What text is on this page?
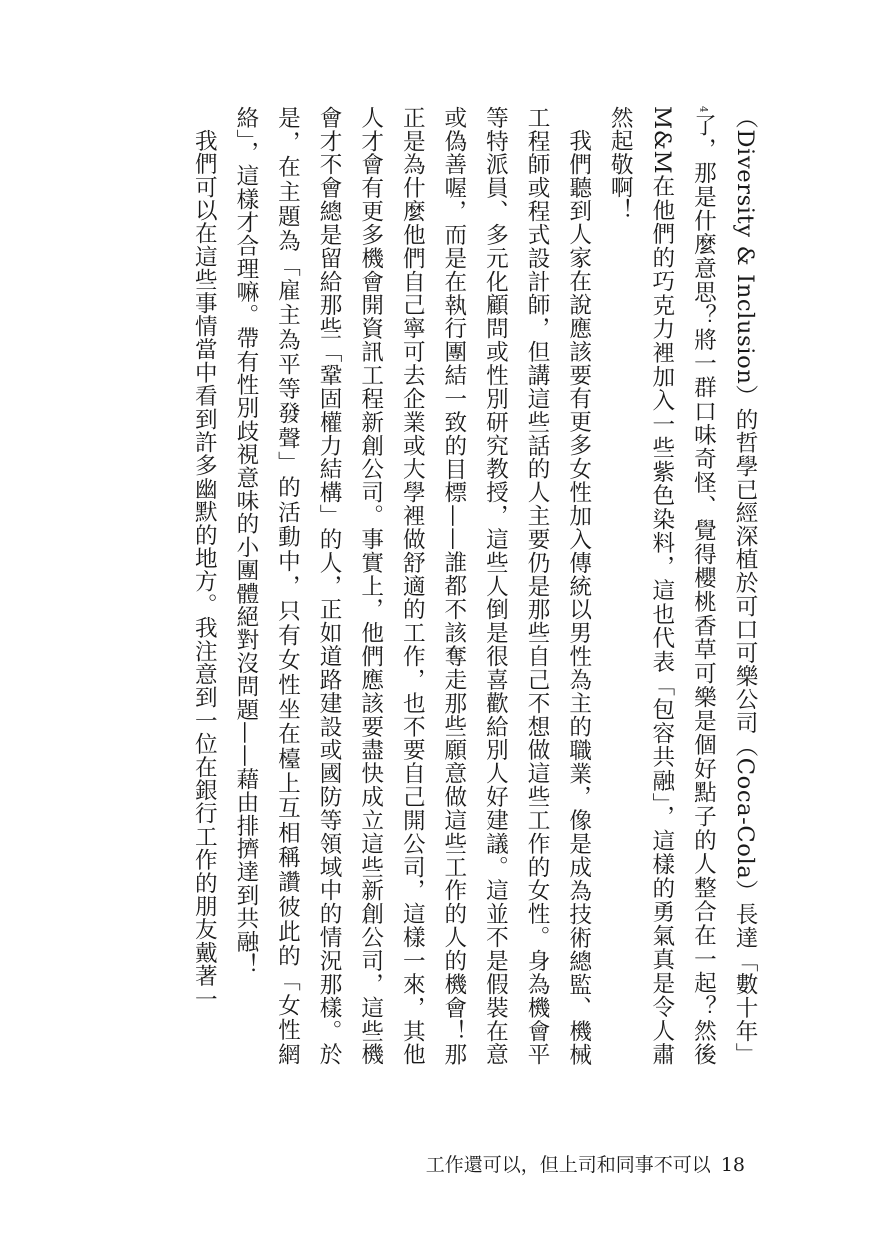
（Diversity & Inclusion）的哲學已經深植於可口可樂公司（Coca-Cola）長達「數十年」$^4$了，那是什麼意思？將一群口味奇怪、覺得櫻桃香草可樂是個好點子的人整合在一起？然後M&M在他們的巧克力裡加入一些紫色染料，這也代表「包容共融」，這樣的勇氣真是令人肅然起敬啊！

我們聽到人家在說應該要有更多女性加入傳統以男性為主的職業，像是成為技術總監、機械工程師或程式設計師，但講這些話的人主要仍是那些自己不想做這些工作的女性。身為機會平等特派員、多元化顧問或性別研究教授，這些人倒是很喜歡給別人好建議。這並不是假裝在意或偽善喔，而是在執行團結一致的目標——誰都不該奪走那些願意做這些工作的人的機會！那正是為什麼他們自己寧可去企業或大學裡做舒適的工作，也不要自己開公司，這樣一來，其他人才會有更多機會開資訊工程新創公司。事實上，他們應該要盡快成立這些新創公司，這些機會才不會總是留給那些「鞏固權力結構」的人，正如道路建設或國防等領域中的情況那樣。於是，在主題為「雇主為平等發聲」的活動中，只有女性坐在檯上互相稱讚彼此的「女性網絡」，這樣才合理嘛。帶有性別歧視意味的小團體絕對沒問題——藉由排擠達到共融！

我們可以在這些事情當中看到許多幽默的地方。我注意到一位在銀行工作的朋友戴著一

工作還可以，但上司和同事不可以 18
